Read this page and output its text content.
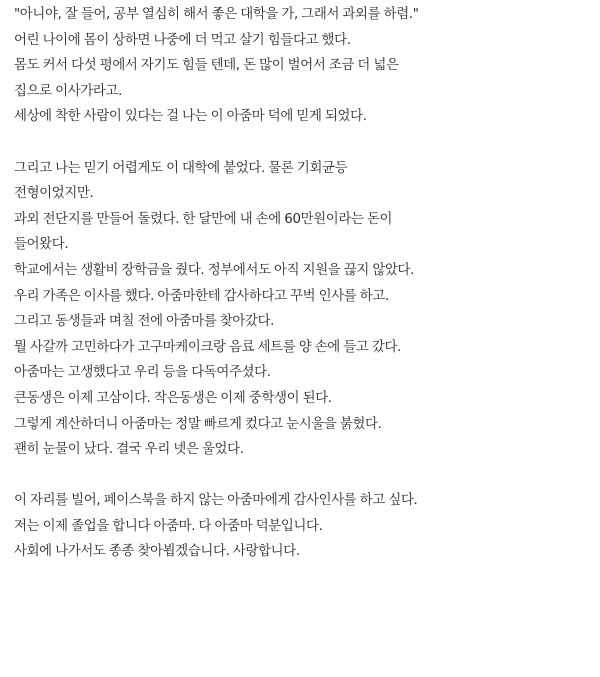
"아니야, 잘 들어, 공부 열심히 해서 좋은 대학을 가, 그래서 과외를 하렴."
어린 나이에 몸이 상하면 나중에 더 먹고 살기 힘들다고 했다.
몸도 커서 다섯 평에서 자기도 힘들 텐데, 돈 많이 벌어서 조금 더 넓은
집으로 이사가라고.
세상에 착한 사람이 있다는 걸 나는 이 아줌마 덕에 믿게 되었다.
그리고 나는 믿기 어렵게도 이 대학에 붙었다. 물론 기회균등
전형이었지만.
과외 전단지를 만들어 돌렸다. 한 달만에 내 손에 60만원이라는 돈이
들어왔다.
학교에서는 생활비 장학금을 줬다. 정부에서도 아직 지원을 끊지 않았다.
우리 가족은 이사를 했다. 아줌마한테 감사하다고 꾸벅 인사를 하고.
그리고 동생들과 며칠 전에 아줌마를 찾아갔다.
뭘 사갈까 고민하다가 고구마케이크랑 음료 세트를 양 손에 들고 갔다.
아줌마는 고생했다고 우리 등을 다독여주셨다.
큰동생은 이제 고삼이다. 작은동생은 이제 중학생이 된다.
그렇게 계산하더니 아줌마는 정말 빠르게 컸다고 눈시울을 붉혔다.
괜히 눈물이 났다. 결국 우리 넷은 울었다.
이 자리를 빌어, 페이스북을 하지 않는 아줌마에게 감사인사를 하고 싶다.
저는 이제 졸업을 합니다 아줌마. 다 아줌마 덕분입니다.
사회에 나가서도 종종 찾아뵙겠습니다. 사랑합니다.
